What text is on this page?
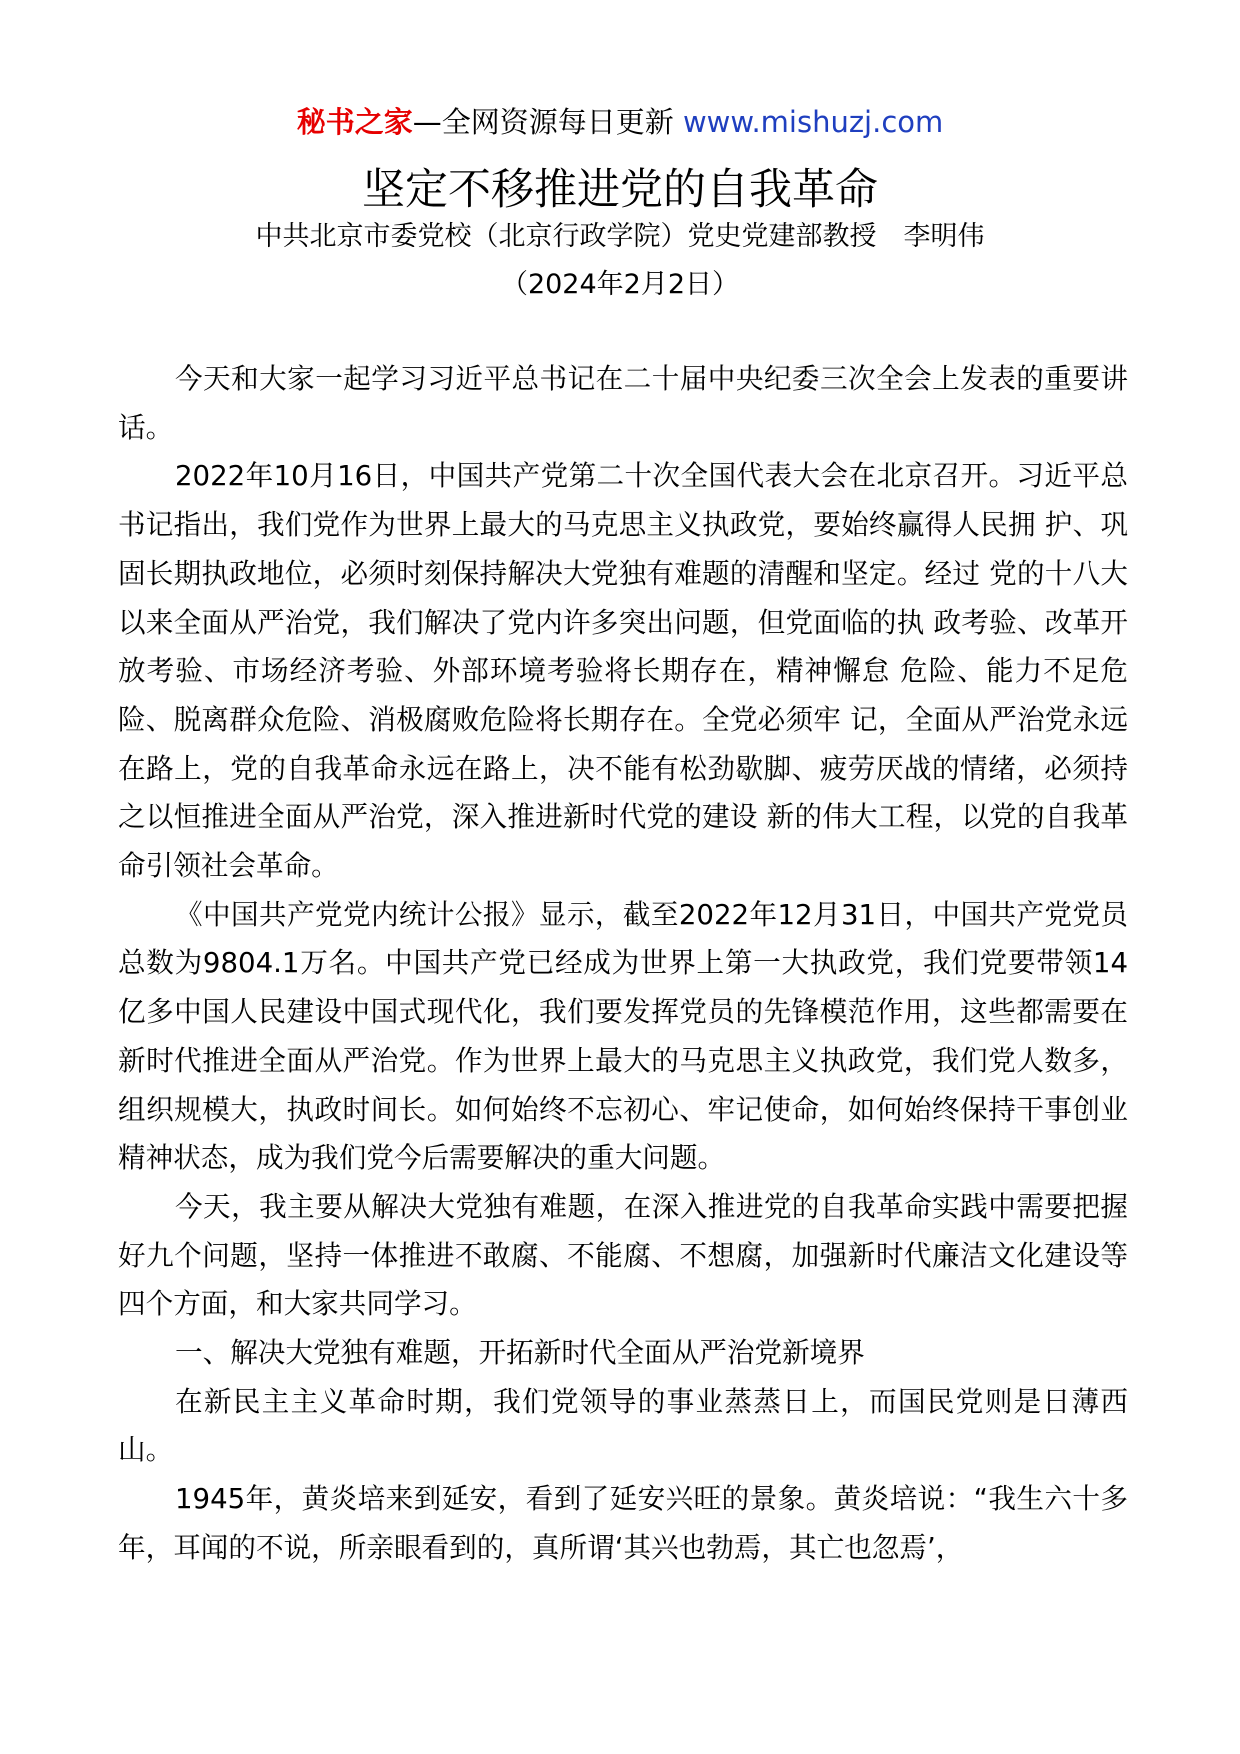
秘书之家—全网资源每日更新 www.mishuzj.com
坚定不移推进党的自我革命
中共北京市委党校（北京行政学院）党史党建部教授　李明伟
（2024年2月2日）

今天和大家一起学习习近平总书记在二十届中央纪委三次全会上发表的重要讲话。

2022年10月16日，中国共产党第二十次全国代表大会在北京召开。习近平总书记指出，我们党作为世界上最大的马克思主义执政党，要始终赢得人民拥 护、巩固长期执政地位，必须时刻保持解决大党独有难题的清醒和坚定。经过 党的十八大以来全面从严治党，我们解决了党内许多突出问题，但党面临的执 政考验、改革开放考验、市场经济考验、外部环境考验将长期存在，精神懈怠 危险、能力不足危险、脱离群众危险、消极腐败危险将长期存在。全党必须牢 记，全面从严治党永远在路上，党的自我革命永远在路上，决不能有松劲歇脚、疲劳厌战的情绪，必须持之以恒推进全面从严治党，深入推进新时代党的建设 新的伟大工程，以党的自我革命引领社会革命。

《中国共产党党内统计公报》显示，截至2022年12月31日，中国共产党党员总数为9804.1万名。中国共产党已经成为世界上第一大执政党，我们党要带领14亿多中国人民建设中国式现代化，我们要发挥党员的先锋模范作用，这些都需要在新时代推进全面从严治党。作为世界上最大的马克思主义执政党，我们党人数多，组织规模大，执政时间长。如何始终不忘初心、牢记使命，如何始终保持干事创业精神状态，成为我们党今后需要解决的重大问题。

今天，我主要从解决大党独有难题，在深入推进党的自我革命实践中需要把握好九个问题，坚持一体推进不敢腐、不能腐、不想腐，加强新时代廉洁文化建设等四个方面，和大家共同学习。

一、解决大党独有难题，开拓新时代全面从严治党新境界

在新民主主义革命时期，我们党领导的事业蒸蒸日上，而国民党则是日薄西山。

1945年，黄炎培来到延安，看到了延安兴旺的景象。黄炎培说：“我生六十多年，耳闻的不说，所亲眼看到的，真所谓‘其兴也勃焉，其亡也忽焉’，
